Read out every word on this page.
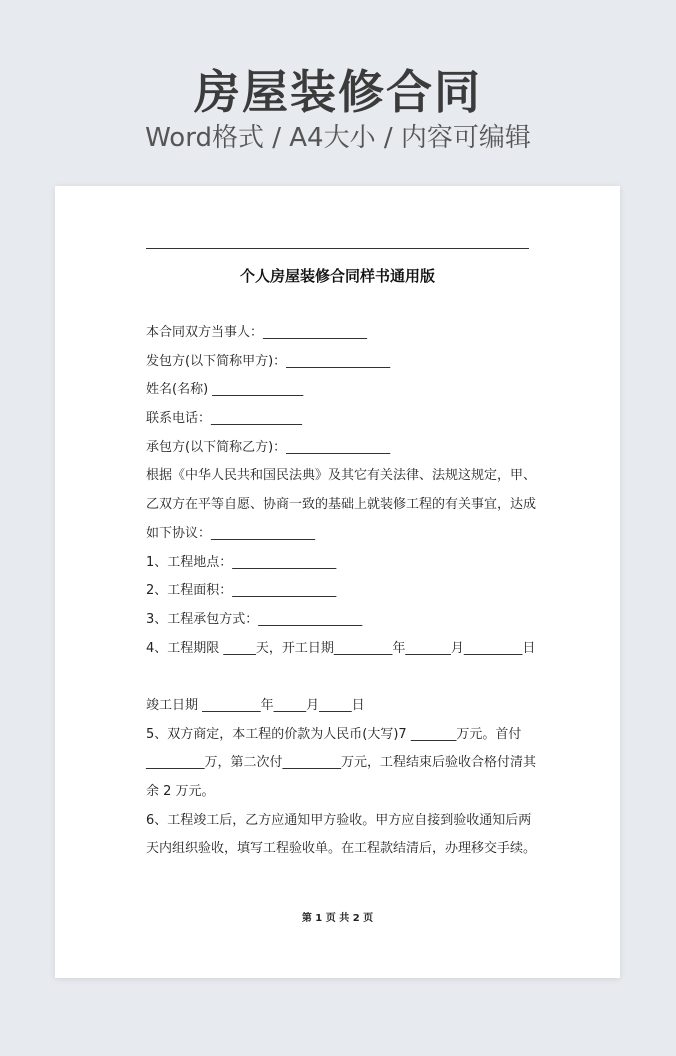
房屋装修合同
Word格式 / A4大小 / 内容可编辑
个人房屋装修合同样书通用版
本合同双方当事人：________________
发包方(以下简称甲方)：________________
姓名(名称) ______________
联系电话：______________
承包方(以下简称乙方)：________________
根据《中华人民共和国民法典》及其它有关法律、法规这规定，甲、
乙双方在平等自愿、协商一致的基础上就装修工程的有关事宜，达成
如下协议：________________
1、工程地点：________________
2、工程面积：________________
3、工程承包方式：________________
4、工程期限 _____天，开工日期_________年_______月_________日
竣工日期 _________年_____月_____日
5、双方商定，本工程的价款为人民币(大写)7 _______万元。首付
_________万，第二次付_________万元，工程结束后验收合格付清其
余 2 万元。
6、工程竣工后，乙方应通知甲方验收。甲方应自接到验收通知后两
天内组织验收，填写工程验收单。在工程款结清后，办理移交手续。
第 1 页 共 2 页
